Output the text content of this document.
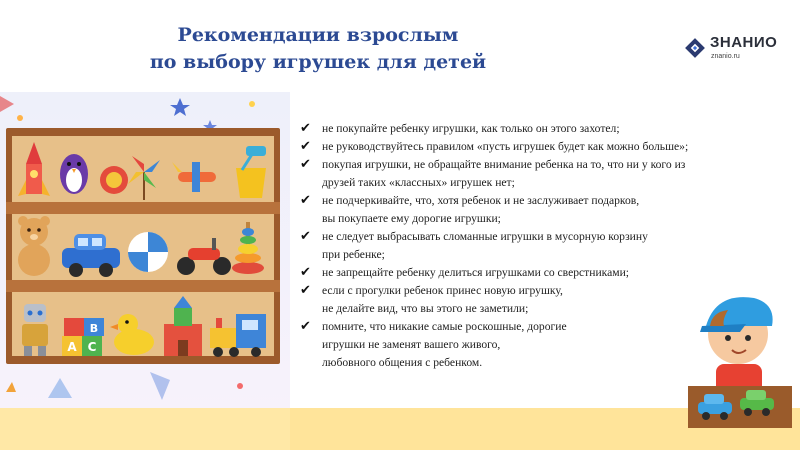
Рекомендации взрослым
по выбору игрушек для детей
ЗНАНИО
znanio.ru
A C
B
✔ не покупайте ребенку игрушки, как только он этого захотел;
✔ не руководствуйтесь правилом «пусть игрушек будет как можно больше»;
✔ покупая игрушки, не обращайте внимание ребенка на то, что ни у кого из
друзей таких «классных» игрушек нет;
✔ не подчеркивайте, что, хотя ребенок и не заслуживает подарков,
вы покупаете ему дорогие игрушки;
✔ не следует выбрасывать сломанные игрушки в мусорную корзину
при ребенке;
✔ не запрещайте ребенку делиться игрушками со сверстниками;
✔ если с прогулки ребенок принес новую игрушку,
не делайте вид, что вы этого не заметили;
✔ помните, что никакие самые роскошные, дорогие
игрушки не заменят вашего живого,
любовного общения с ребенком.
